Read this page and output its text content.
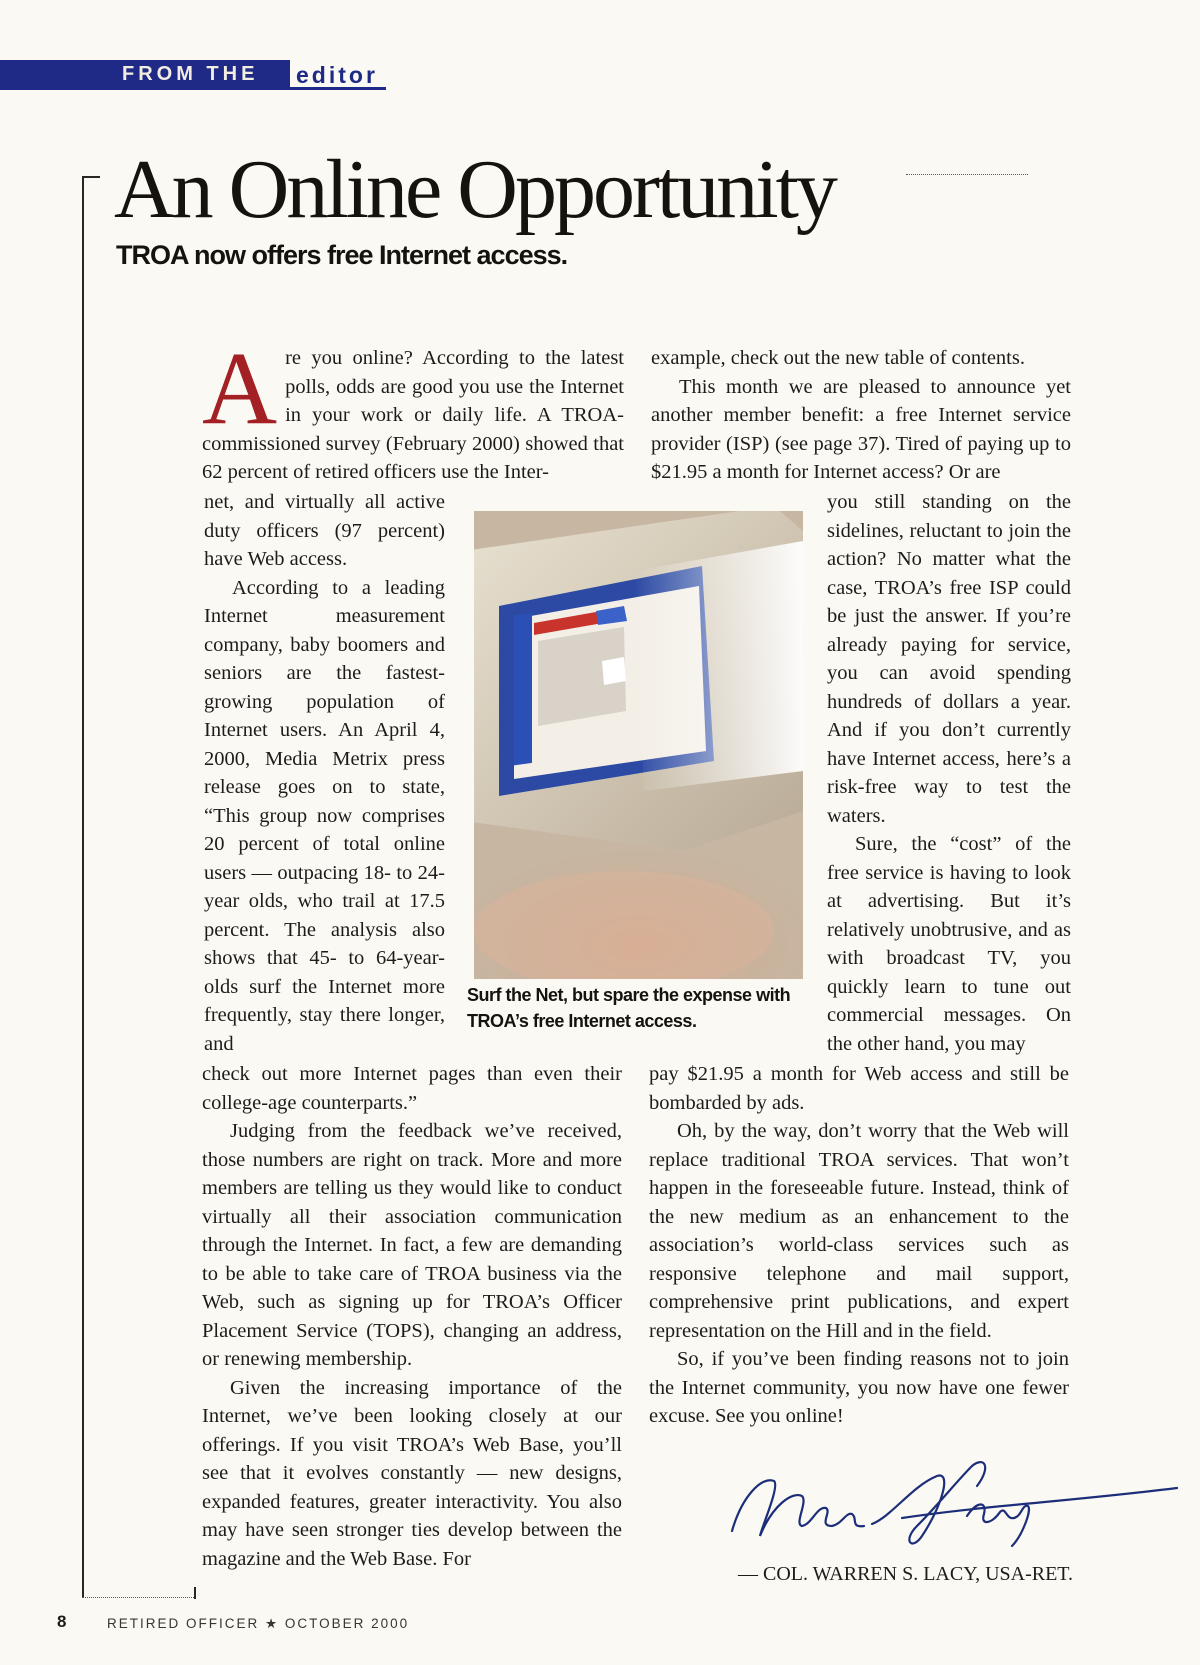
FROM THE editor
An Online Opportunity
TROA now offers free Internet access.

Are you online? According to the latest polls, odds are good you use the Internet in your work or daily life. A TROA-commissioned survey (February 2000) showed that 62 percent of retired officers use the Inter-

net, and virtually all active duty officers (97 percent) have Web access.

According to a leading Internet measurement company, baby boomers and seniors are the fastest-growing population of Internet users. An April 4, 2000, Media Metrix press release goes on to state, “This group now comprises 20 percent of total online users — outpacing 18- to 24-year olds, who trail at 17.5 percent. The analysis also shows that 45- to 64-year-olds surf the Internet more frequently, stay there longer, and

check out more Internet pages than even their college-age counterparts.”

Judging from the feedback we’ve received, those numbers are right on track. More and more members are telling us they would like to conduct virtually all their association communication through the Internet. In fact, a few are demanding to be able to take care of TROA business via the Web, such as signing up for TROA’s Officer Placement Service (TOPS), changing an address, or renewing membership.

Given the increasing importance of the Internet, we’ve been looking closely at our offerings. If you visit TROA’s Web Base, you’ll see that it evolves constantly — new designs, expanded features, greater interactivity. You also may have seen stronger ties develop between the magazine and the Web Base. For

example, check out the new table of contents.

This month we are pleased to announce yet another member benefit: a free Internet service provider (ISP) (see page 37). Tired of paying up to $21.95 a month for Internet access? Or are

you still standing on the sidelines, reluctant to join the action? No matter what the case, TROA’s free ISP could be just the answer. If you’re already paying for service, you can avoid spending hundreds of dollars a year. And if you don’t currently have Internet access, here’s a risk-free way to test the waters.

Sure, the “cost” of the free service is having to look at advertising. But it’s relatively unobtrusive, and as with broadcast TV, you quickly learn to tune out commercial messages. On the other hand, you may

pay $21.95 a month for Web access and still be bombarded by ads.

Oh, by the way, don’t worry that the Web will replace traditional TROA services. That won’t happen in the foreseeable future. Instead, think of the new medium as an enhancement to the association’s world-class services such as responsive telephone and mail support, comprehensive print publications, and expert representation on the Hill and in the field.

So, if you’ve been finding reasons not to join the Internet community, you now have one fewer excuse. See you online!

Surf the Net, but spare the expense with TROA’s free Internet access.
— COL. WARREN S. LACY, USA-RET.
8	RETIRED OFFICER ★ OCTOBER 2000
